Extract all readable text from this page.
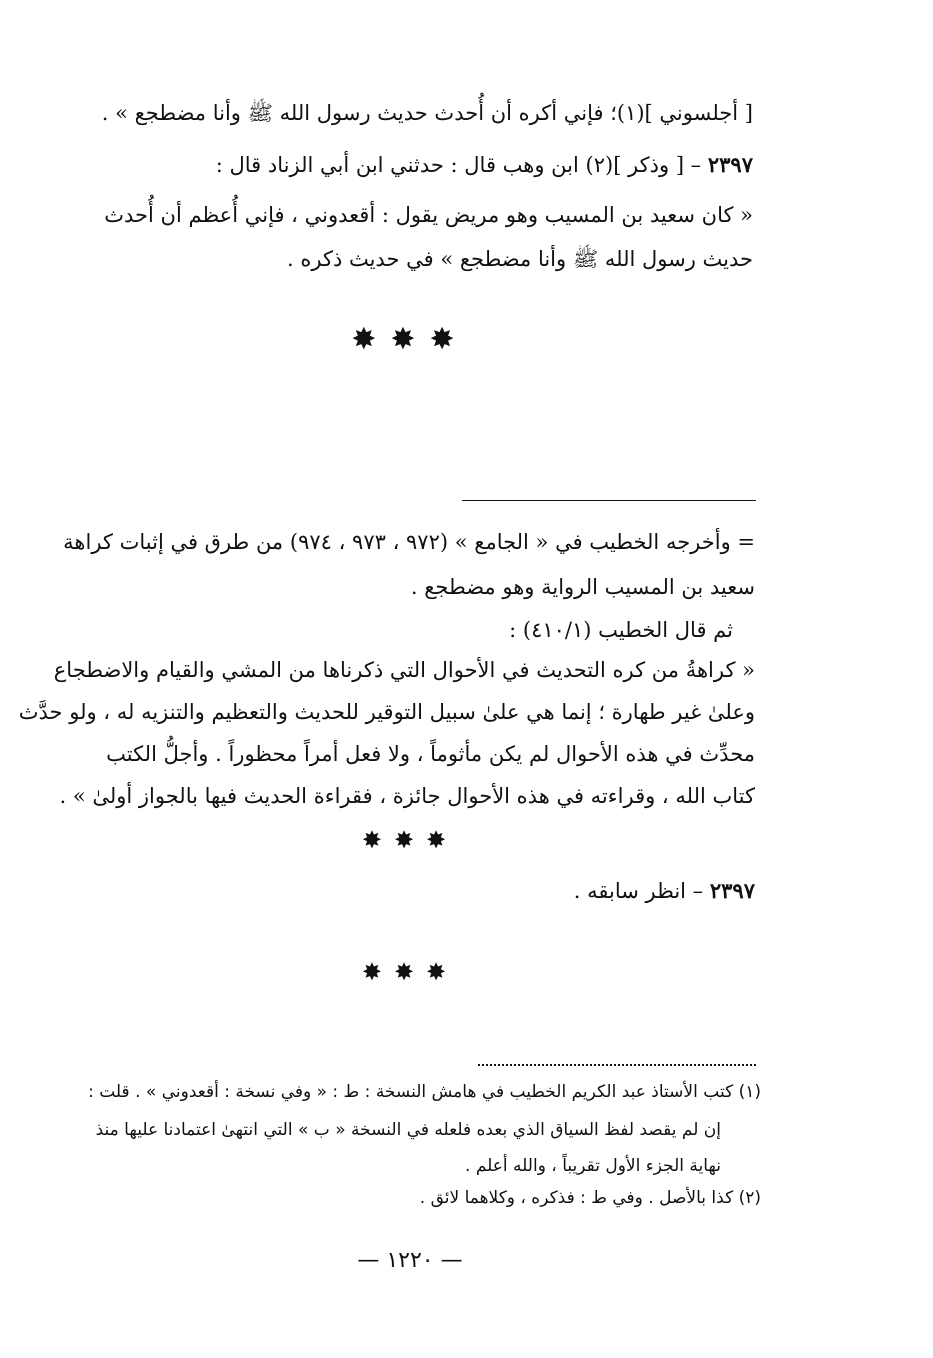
[ أجلسوني ](١)؛ فإني أكره أن أُحدث حديث رسول الله ﷺ وأنا مضطجع » .
٢٣٩٧ – [ وذكر ](٢) ابن وهب قال : حدثني ابن أبي الزناد قال :
« كان سعيد بن المسيب وهو مريض يقول : أقعدوني ، فإني أُعظم أن أُحدث
حديث رسول الله ﷺ وأنا مضطجع » في حديث ذكره .
✸✸✸
= وأخرجه الخطيب في « الجامع » (٩٧٢ ، ٩٧٣ ، ٩٧٤) من طرق في إثبات كراهة
سعيد بن المسيب الرواية وهو مضطجع .
ثم قال الخطيب (٤١٠/١) :
« كراهةُ من كره التحديث في الأحوال التي ذكرناها من المشي والقيام والاضطجاع
وعلىٰ غير طهارة ؛ إنما هي علىٰ سبيل التوقير للحديث والتعظيم والتنزيه له ، ولو حدَّث
محدِّث في هذه الأحوال لم يكن مأثوماً ، ولا فعل أمراً محظوراً . وأجلُّ الكتب
كتاب الله ، وقراءته في هذه الأحوال جائزة ، فقراءة الحديث فيها بالجواز أولىٰ » .
✸✸✸
٢٣٩٧ – انظر سابقه .
✸✸✸
(١) كتب الأستاذ عبد الكريم الخطيب في هامش النسخة : ط : « وفي نسخة : أقعدوني » . قلت :
إن لم يقصد لفظ السياق الذي بعده فلعله في النسخة « ب » التي انتهىٰ اعتمادنا عليها منذ
نهاية الجزء الأول تقريباً ، والله أعلم .
(٢) كذا بالأصل . وفي ط : فذكره ، وكلاهما لائق .
— ١٢٢٠ —
